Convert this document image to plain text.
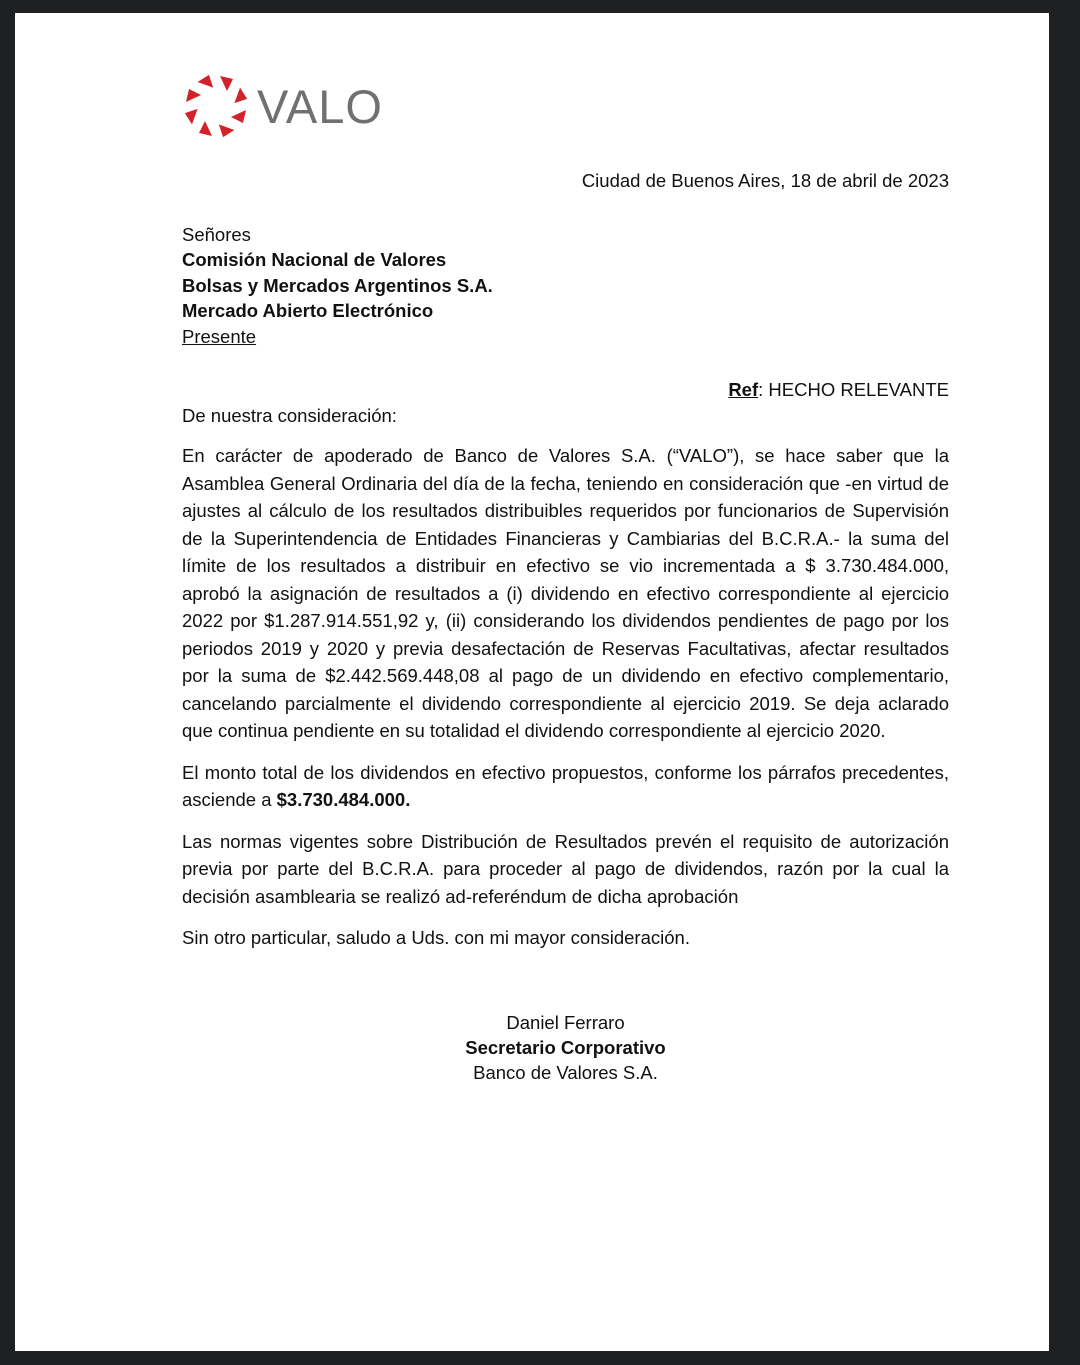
VALO
Ciudad de Buenos Aires, 18 de abril de 2023
Señores
Comisión Nacional de Valores
Bolsas y Mercados Argentinos S.A.
Mercado Abierto Electrónico
Presente
Ref: HECHO RELEVANTE
De nuestra consideración:

En carácter de apoderado de Banco de Valores S.A. (“VALO”), se hace saber que la Asamblea General Ordinaria del día de la fecha, teniendo en consideración que -en virtud de ajustes al cálculo de los resultados distribuibles requeridos por funcionarios de Supervisión de la Superintendencia de Entidades Financieras y Cambiarias del B.C.R.A.- la suma del límite de los resultados a distribuir en efectivo se vio incrementada a $ 3.730.484.000, aprobó la asignación de resultados a (i) dividendo en efectivo correspondiente al ejercicio 2022 por $1.287.914.551,92 y, (ii) considerando los dividendos pendientes de pago por los periodos 2019 y 2020 y previa desafectación de Reservas Facultativas, afectar resultados por la suma de $2.442.569.448,08 al pago de un dividendo en efectivo complementario, cancelando parcialmente el dividendo correspondiente al ejercicio 2019. Se deja aclarado que continua pendiente en su totalidad el dividendo correspondiente al ejercicio 2020.

El monto total de los dividendos en efectivo propuestos, conforme los párrafos precedentes, asciende a $3.730.484.000.

Las normas vigentes sobre Distribución de Resultados prevén el requisito de autorización previa por parte del B.C.R.A. para proceder al pago de dividendos, razón por la cual la decisión asamblearia se realizó ad-referéndum de dicha aprobación

Sin otro particular, saludo a Uds. con mi mayor consideración.

Daniel Ferraro
Secretario Corporativo
Banco de Valores S.A.
